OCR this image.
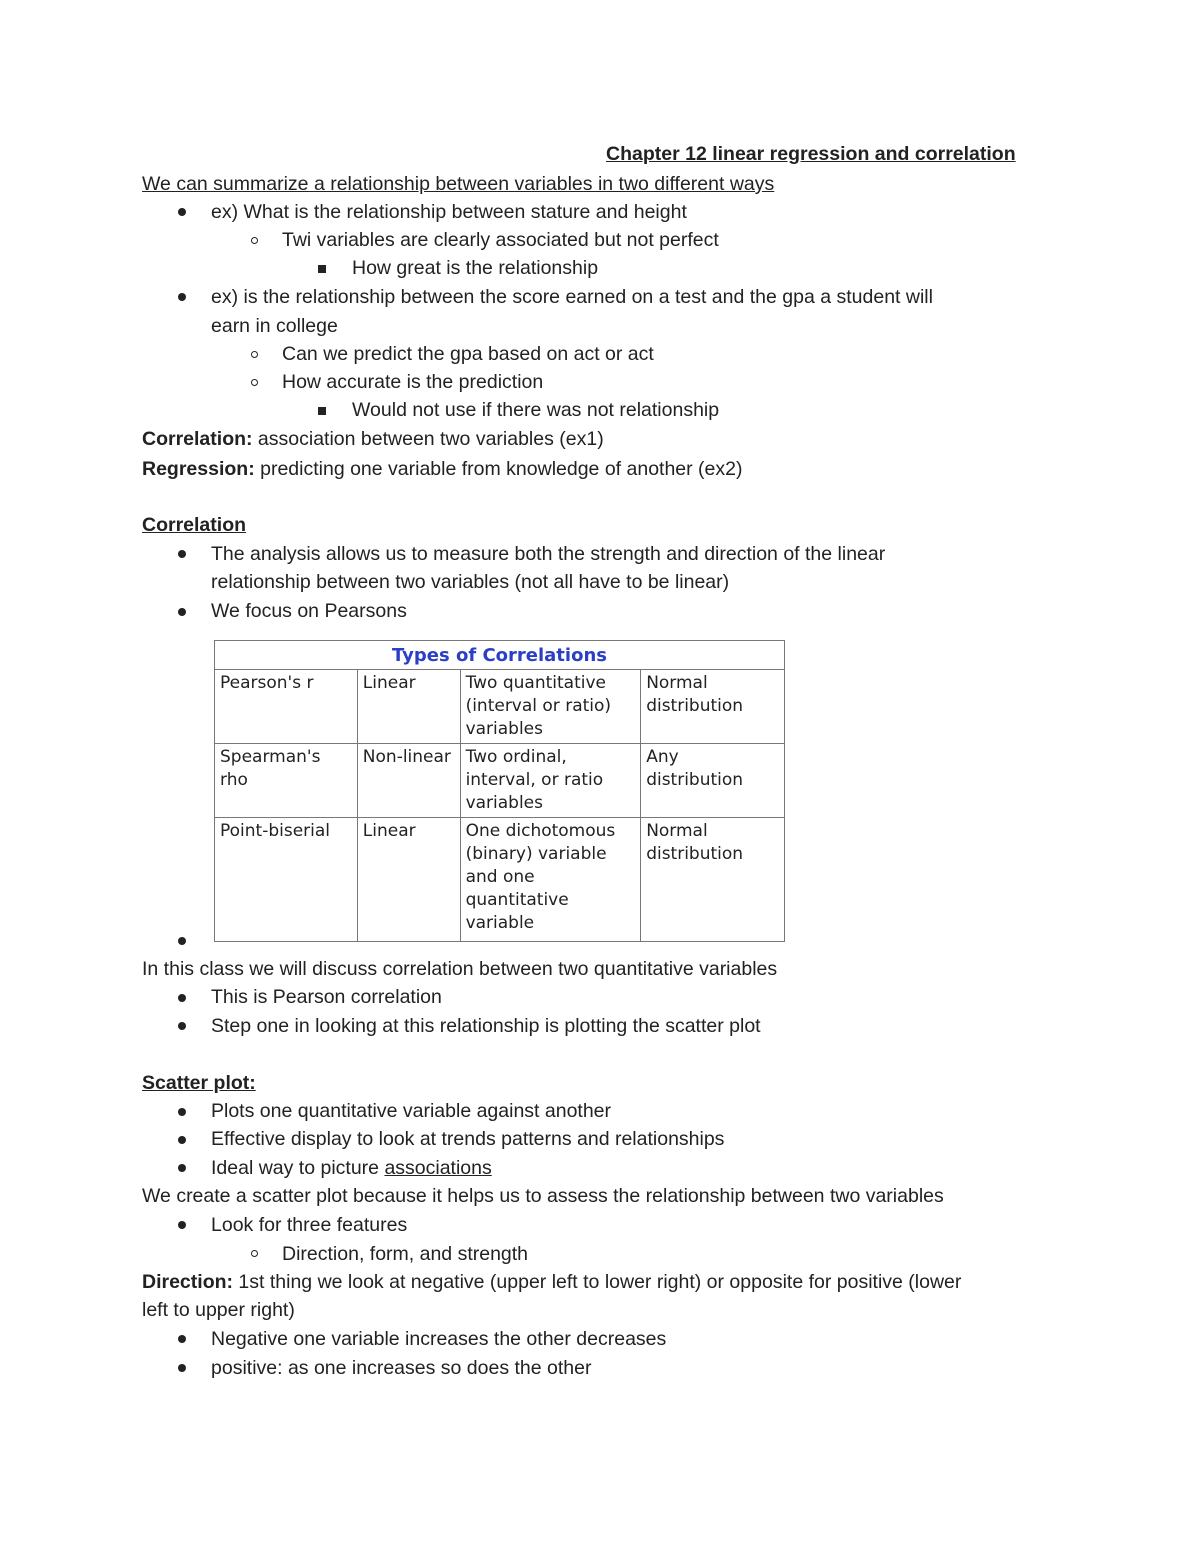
Chapter 12 linear regression and correlation
We can summarize a relationship between variables in two different ways
ex) What is the relationship between stature and height
Twi variables are clearly associated but not perfect
How great is the relationship
ex) is the relationship between the score earned on a test and the gpa a student will
earn in college
Can we predict the gpa based on act or act
How accurate is the prediction
Would not use if there was not relationship
Correlation: association between two variables (ex1)
Regression: predicting one variable from knowledge of another (ex2)
Correlation
The analysis allows us to measure both the strength and direction of the linear
relationship between two variables (not all have to be linear)
We focus on Pearsons
Types of Correlations			
Pearson's r	Linear	Two quantitative (interval or ratio) variables	Normal distribution
Spearman's rho	Non-linear	Two ordinal, interval, or ratio variables	Any distribution
Point-biserial	Linear	One dichotomous (binary) variable and one quantitative variable	Normal distribution
In this class we will discuss correlation between two quantitative variables
This is Pearson correlation
Step one in looking at this relationship is plotting the scatter plot
Scatter plot:
Plots one quantitative variable against another
Effective display to look at trends patterns and relationships
Ideal way to picture associations
We create a scatter plot because it helps us to assess the relationship between two variables
Look for three features
Direction, form, and strength
Direction: 1st thing we look at negative (upper left to lower right) or opposite for positive (lower
left to upper right)
Negative one variable increases the other decreases
positive: as one increases so does the other
